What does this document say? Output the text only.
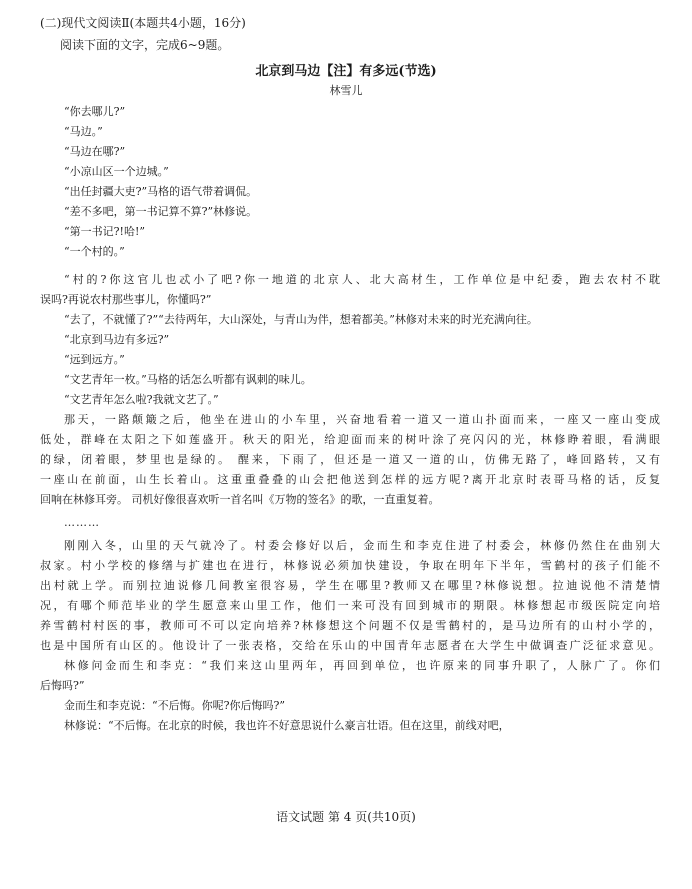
(二)现代文阅读Ⅱ(本题共4小题，16分)
阅读下面的文字，完成6~9题。
北京到马边【注】有多远(节选)
林雪儿
“你去哪儿?”
“马边。”
“马边在哪?”
“小凉山区一个边城。”
“出任封疆大吏?”马格的语气带着调侃。
“差不多吧，第一书记算不算?”林修说。
“第一书记?!哈!”
“一个村的。”
“村的?你这官儿也忒小了吧?你一地道的北京人、北大高材生，工作单位是中纪委，跑去农村不耽
误吗?再说农村那些事儿，你懂吗?”
“去了，不就懂了?”“去待两年，大山深处，与青山为伴，想着都美。”林修对未来的时光充满向往。
“北京到马边有多远?”
“远到远方。”
“文艺青年一枚。”马格的话怎么听都有讽刺的味儿。
“文艺青年怎么啦?我就文艺了。”
那天，一路颠簸之后，他坐在进山的小车里，兴奋地看着一道又一道山扑面而来，一座又一座山变成
低处，群峰在太阳之下如莲盛开。秋天的阳光，给迎面而来的树叶涂了亮闪闪的光，林修睁着眼，看满眼
的绿，闭着眼，梦里也是绿的。 醒来，下雨了，但还是一道又一道的山，仿佛无路了，峰回路转，又有
一座山在前面，山生长着山。这重重叠叠的山会把他送到怎样的远方呢?离开北京时表哥马格的话，反复
回响在林修耳旁。 司机好像很喜欢听一首名叫《万物的签名》的歌，一直重复着。
………
刚刚入冬，山里的天气就冷了。村委会修好以后，金而生和李克住进了村委会，林修仍然住在曲别大
叔家。村小学校的修缮与扩建也在进行，林修说必须加快建设，争取在明年下半年，雪鹤村的孩子们能不
出村就上学。而别拉迪说修几间教室很容易，学生在哪里?教师又在哪里?林修说想。拉迪说他不清楚情
况，有哪个师范毕业的学生愿意来山里工作，他们一来可没有回到城市的期限。林修想起市级医院定向培
养雪鹤村村医的事，教师可不可以定向培养?林修想这个问题不仅是雪鹤村的，是马边所有的山村小学的，
也是中国所有山区的。他设计了一张表格，交给在乐山的中国青年志愿者在大学生中做调查广泛征求意见。
林修问金而生和李克：“我们来这山里两年，再回到单位，也许原来的同事升职了，人脉广了。你们
后悔吗?”
金而生和李克说：“不后悔。你呢?你后悔吗?”
林修说：“不后悔。在北京的时候，我也许不好意思说什么豪言壮语。但在这里，前线对吧，
语文试题 第 4 页(共10页)
